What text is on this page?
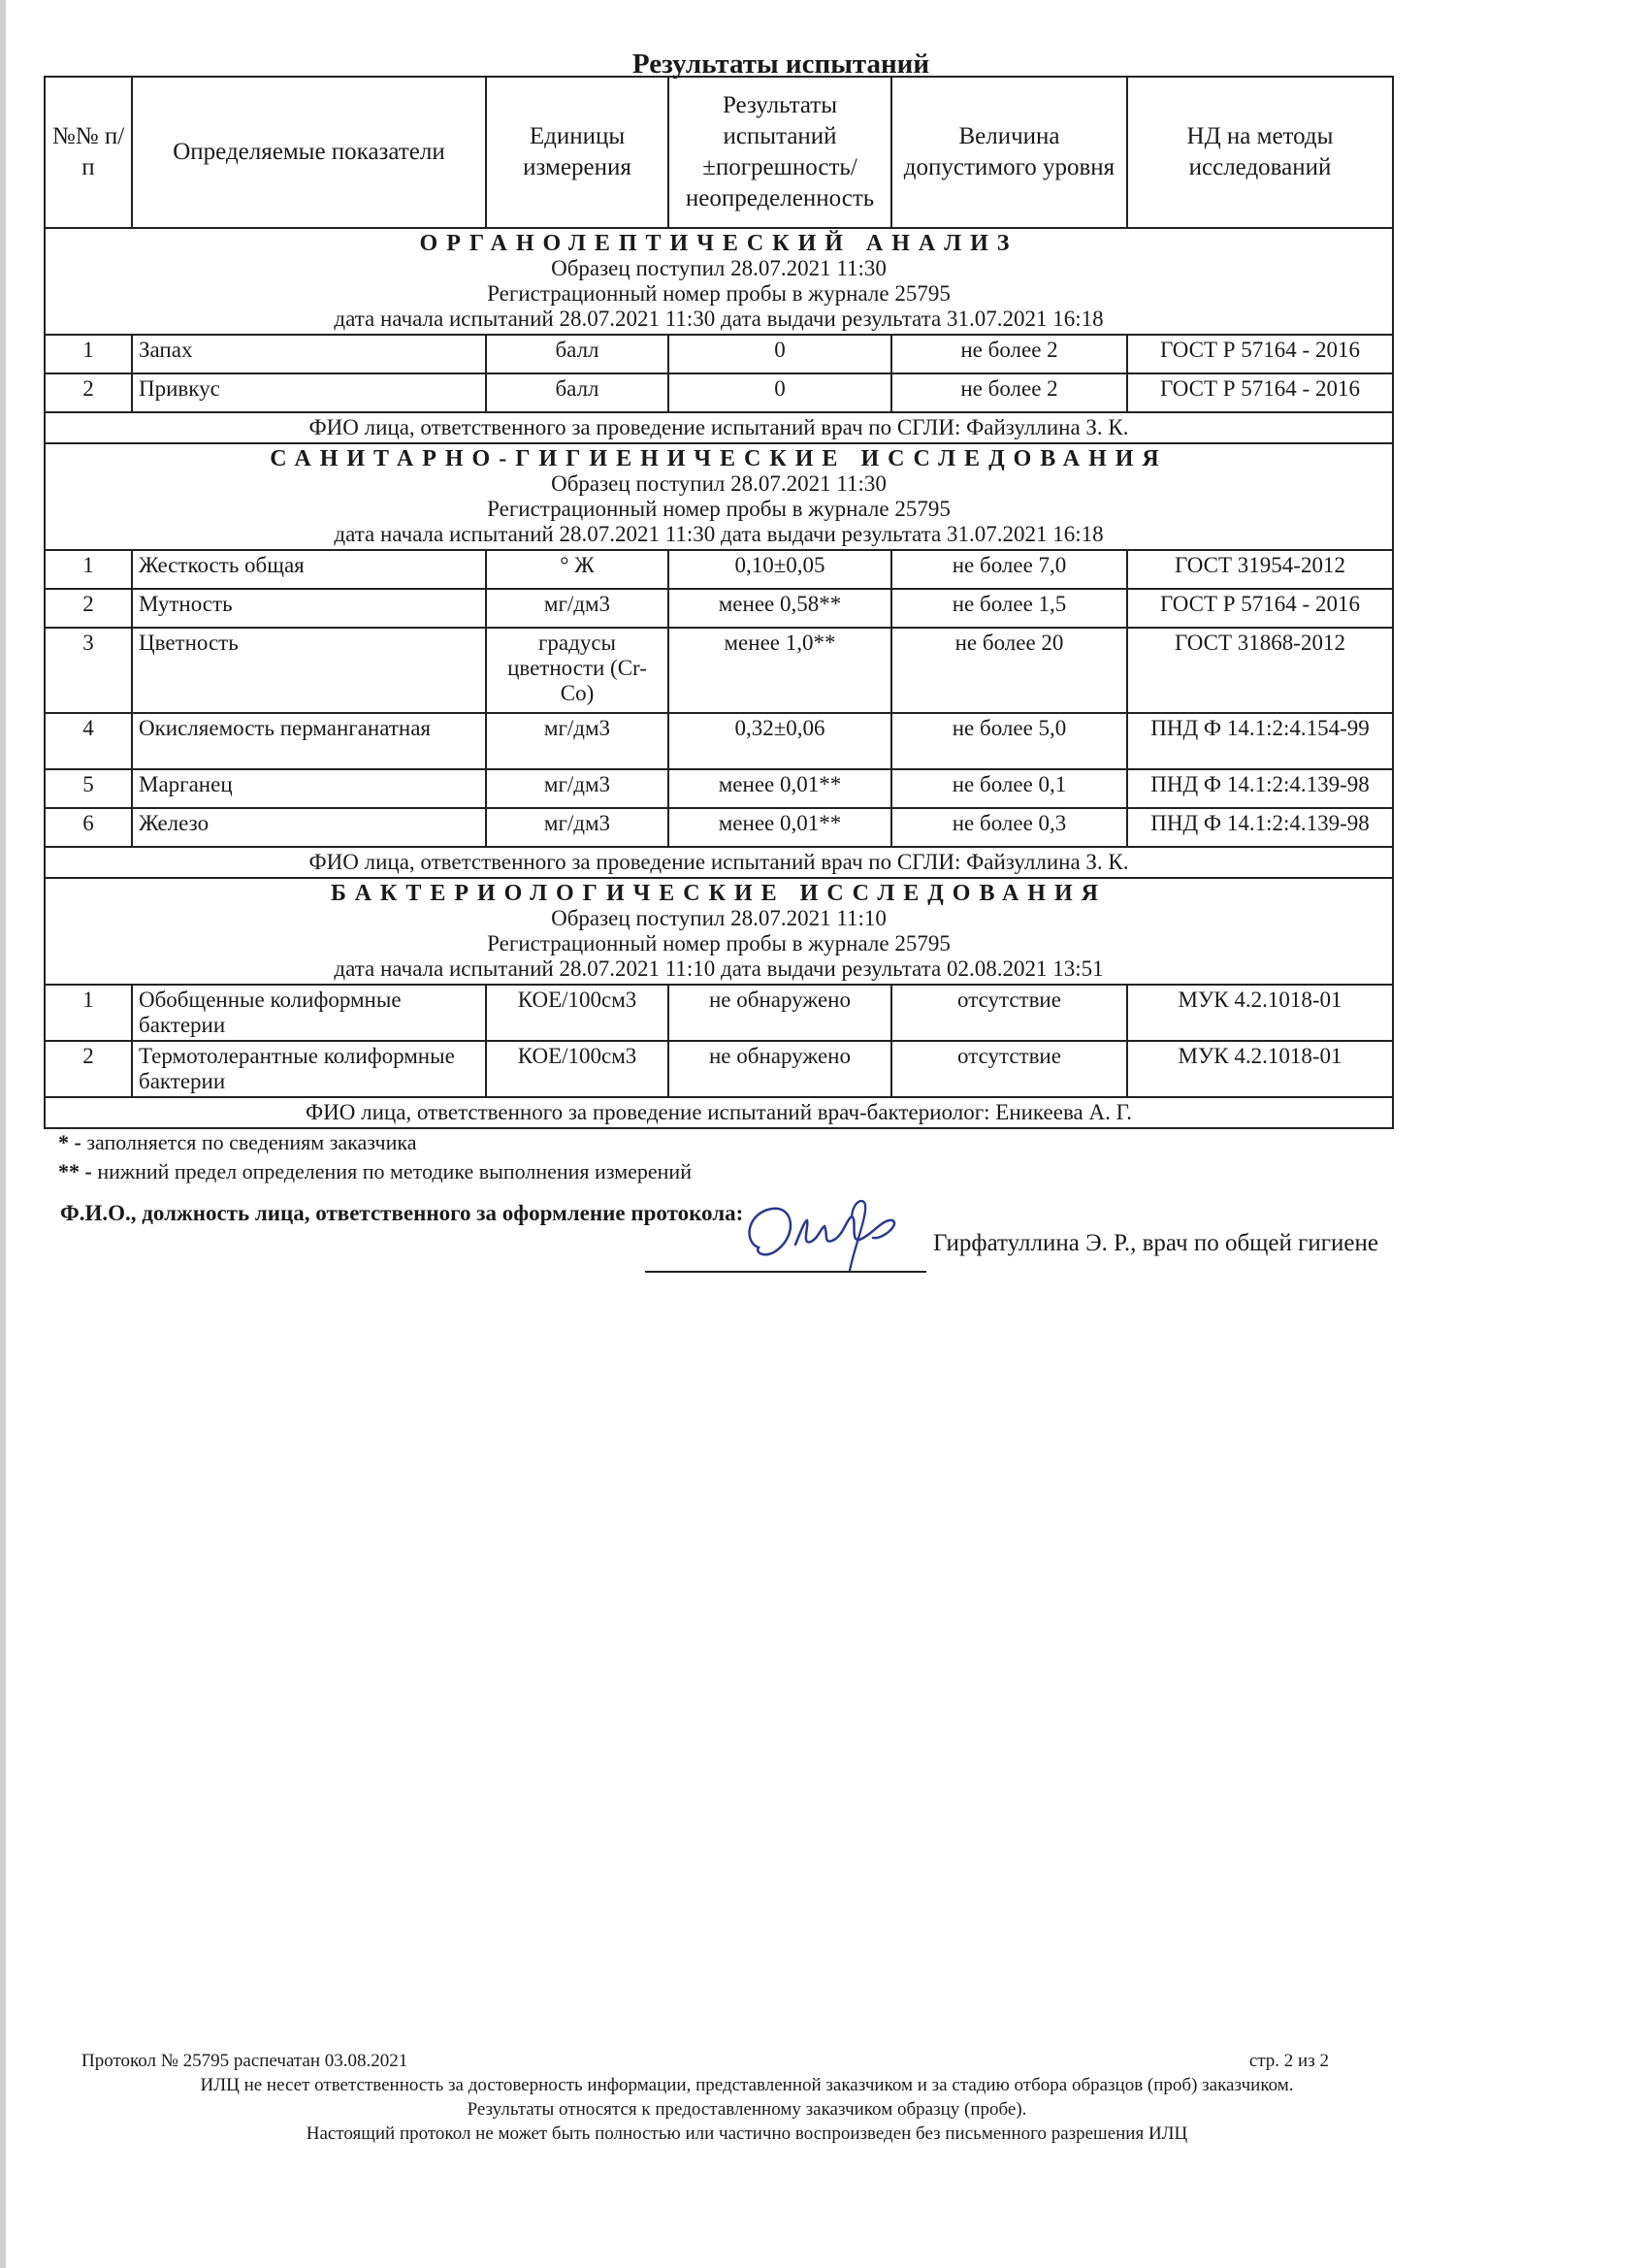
Результаты испытаний
№№ п/п	Определяемые показатели	Единицы измерения	Результаты испытаний ±погрешность/ неопределенность	Величина допустимого уровня	НД на методы исследований

ОРГАНОЛЕПТИЧЕСКИЙ АНАЛИЗ
Образец поступил 28.07.2021 11:30
Регистрационный номер пробы в журнале 25795
дата начала испытаний 28.07.2021 11:30 дата выдачи результата 31.07.2021 16:18					

1	Запах	балл	0	не более 2	ГОСТ Р 57164 - 2016
2	Привкус	балл	0	не более 2	ГОСТ Р 57164 - 2016
ФИО лица, ответственного за проведение испытаний врач по СГЛИ: Файзуллина З. К.					

САНИТАРНО-ГИГИЕНИЧЕСКИЕ ИССЛЕДОВАНИЯ
Образец поступил 28.07.2021 11:30
Регистрационный номер пробы в журнале 25795
дата начала испытаний 28.07.2021 11:30 дата выдачи результата 31.07.2021 16:18					

1	Жесткость общая	° Ж	0,10±0,05	не более 7,0	ГОСТ 31954-2012
2	Мутность	мг/дм3	менее 0,58**	не более 1,5	ГОСТ Р 57164 - 2016
3	Цветность	градусы цветности (Cr-Co)	менее 1,0**	не более 20	ГОСТ 31868-2012
4	Окисляемость перманганатная	мг/дм3	0,32±0,06	не более 5,0	ПНД Ф 14.1:2:4.154-99
5	Марганец	мг/дм3	менее 0,01**	не более 0,1	ПНД Ф 14.1:2:4.139-98
6	Железо	мг/дм3	менее 0,01**	не более 0,3	ПНД Ф 14.1:2:4.139-98
ФИО лица, ответственного за проведение испытаний врач по СГЛИ: Файзуллина З. К.					

БАКТЕРИОЛОГИЧЕСКИЕ ИССЛЕДОВАНИЯ
Образец поступил 28.07.2021 11:10
Регистрационный номер пробы в журнале 25795
дата начала испытаний 28.07.2021 11:10 дата выдачи результата 02.08.2021 13:51					

1	Обобщенные колиформные бактерии	КОЕ/100см3	не обнаружено	отсутствие	МУК 4.2.1018-01
2	Термотолерантные колиформные бактерии	КОЕ/100см3	не обнаружено	отсутствие	МУК 4.2.1018-01
ФИО лица, ответственного за проведение испытаний врач-бактериолог: Еникеева А. Г.					
* - заполняется по сведениям заказчика
** - нижний предел определения по методике выполнения измерений
Ф.И.О., должность лица, ответственного за оформление протокола:
Гирфатуллина Э. Р., врач по общей гигиене
Протокол № 25795 распечатан 03.08.2021	стр. 2 из 2
ИЛЦ не несет ответственность за достоверность информации, представленной заказчиком и за стадию отбора образцов (проб) заказчиком.
Результаты относятся к предоставленному заказчиком образцу (пробе).
Настоящий протокол не может быть полностью или частично воспроизведен без письменного разрешения ИЛЦ
